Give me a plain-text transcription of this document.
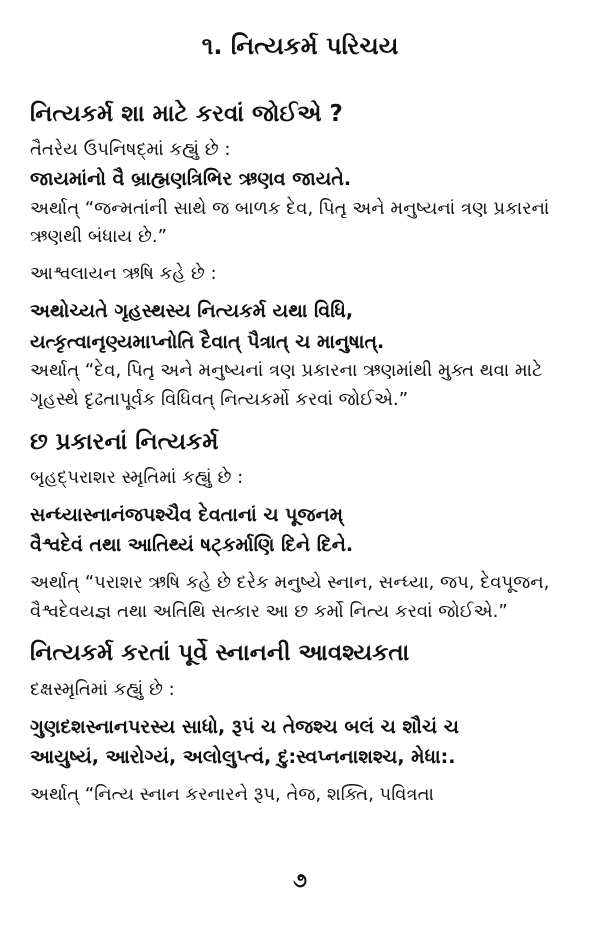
૧. નિત્યકર્મ પરિચય
નિત્યકર્મ શા માટે કરવાં જોઈએ ?
તૈતરેય ઉપનિષદ્‌માં કહ્યું છે :
જાયમાંનો વૈ બ્રાહ્મણત્રિભિર ઋણવ જાયતે.
અર્થાત્ “જન્મતાંની સાથે જ બાળક દેવ, પિતૃ અને મનુષ્યનાં ત્રણ પ્રકારનાં ઋણથી બંધાય છે.”
આશ્વલાયન ઋષિ કહે છે :
અથોચ્યતે ગૃહસ્થસ્ય નિત્યકર્મ યથા વિધિ,
યત્કૃત્વાનૃણ્યમાપ્નોતિ દૈવાત્ પૈત્રાત્ ચ માનુષાત્.
અર્થાત્ “દેવ, પિતૃ અને મનુષ્યનાં ત્રણ પ્રકારના ઋણમાંથી મુક્ત થવા માટે ગૃહસ્થે દૃઢતાપૂર્વક વિધિવત્ નિત્યકર્મો કરવાં જોઈએ.”
છ પ્રકારનાં નિત્યકર્મ
બૃહદ્‌પરાશર સ્મૃતિમાં કહ્યું છે :
સન્ધ્યાસ્નાનંજપશ્ચૈવ દેવતાનાં ચ પૂજનમ્
વૈશ્વદેવં તથા આતિથ્યં ષટ્કર્માણિ દિને દિને.
અર્થાત્ “પરાશર ઋષિ કહે છે દરેક મનુષ્યે સ્નાન, સન્ધ્યા, જપ, દેવપૂજન, વૈશ્વદેવયજ્ઞ તથા અતિથિ સત્કાર આ છ કર્મો નિત્ય કરવાં જોઈએ.”
નિત્યકર્મ કરતાં પૂર્વે સ્નાનની આવશ્યકતા
દક્ષસ્મૃતિમાં કહ્યું છે :
ગુણદશસ્નાનપરસ્ય સાધો, રૂપં ચ તેજશ્ચ બલં ચ શૌચં ચ
આયુષ્યં, આરોગ્યં, અલોલુપ્ત્વં, દુ:સ્વપ્નનાશશ્ચ, મેધા:.
અર્થાત્ “નિત્ય સ્નાન કરનારને રૂપ, તેજ, શક્તિ, પવિત્રતા
૭
